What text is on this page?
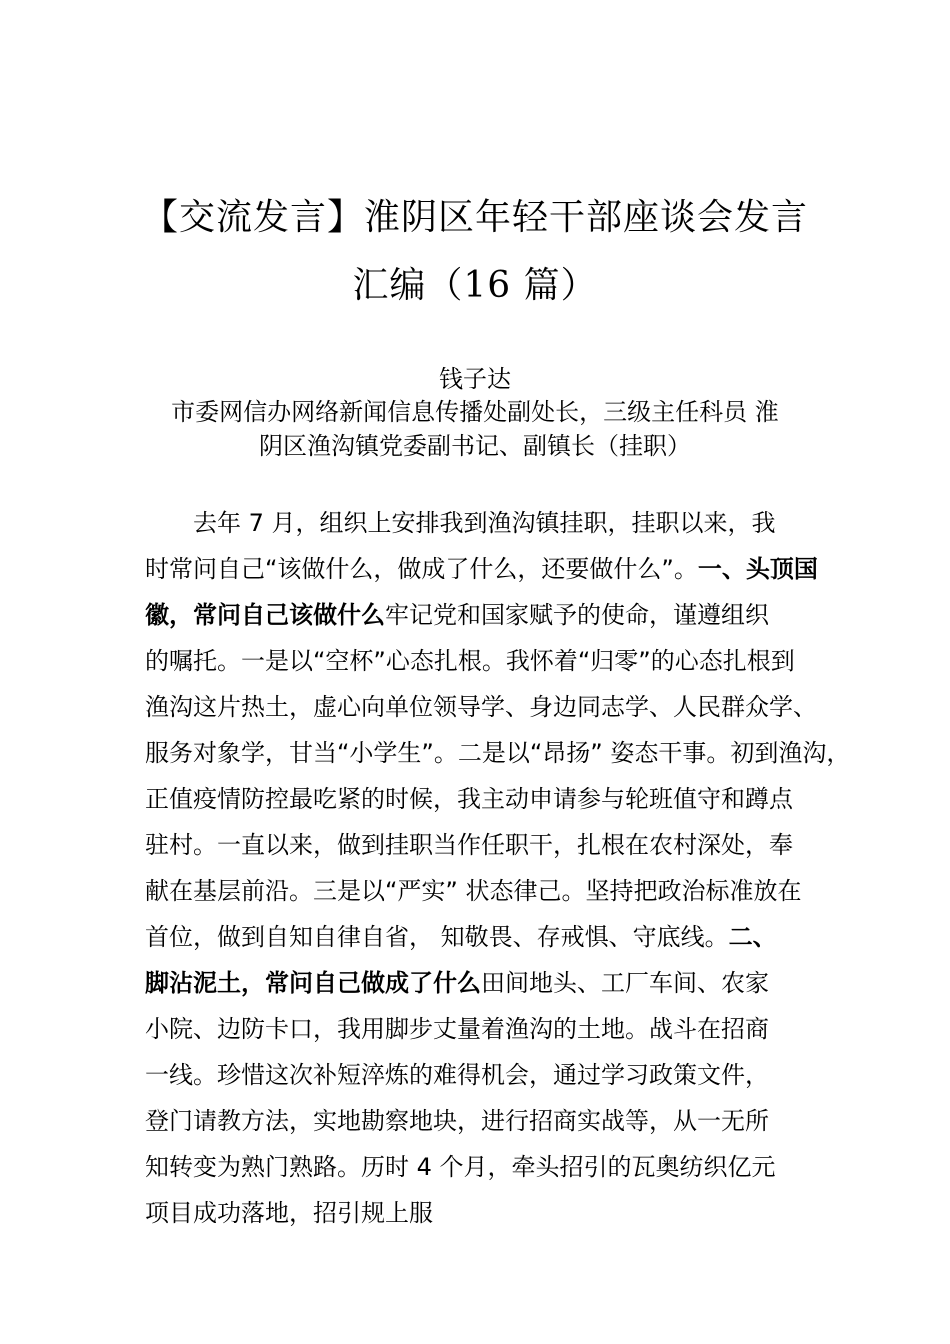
【交流发言】淮阴区年轻干部座谈会发言
汇编（16 篇）
钱子达
市委网信办网络新闻信息传播处副处长，三级主任科员 淮
阴区渔沟镇党委副书记、副镇长（挂职）
去年 7 月，组织上安排我到渔沟镇挂职，挂职以来，我
时常问自己“该做什么，做成了什么，还要做什么”。一、头顶国
徽，常问自己该做什么牢记党和国家赋予的使命，谨遵组织
的嘱托。一是以“空杯”心态扎根。我怀着“归零”的心态扎根到
渔沟这片热土，虚心向单位领导学、身边同志学、人民群众学、
服务对象学，甘当“小学生”。二是以“昂扬” 姿态干事。初到渔沟，
正值疫情防控最吃紧的时候，我主动申请参与轮班值守和蹲点
驻村。一直以来，做到挂职当作任职干，扎根在农村深处，奉
献在基层前沿。三是以“严实” 状态律己。坚持把政治标准放在
首位，做到自知自律自省， 知敬畏、存戒惧、守底线。二、
脚沾泥土，常问自己做成了什么田间地头、工厂车间、农家
小院、边防卡口，我用脚步丈量着渔沟的土地。战斗在招商
一线。珍惜这次补短淬炼的难得机会，通过学习政策文件，
登门请教方法，实地勘察地块，进行招商实战等，从一无所
知转变为熟门熟路。历时 4 个月，牵头招引的瓦奥纺织亿元
项目成功落地，招引规上服
